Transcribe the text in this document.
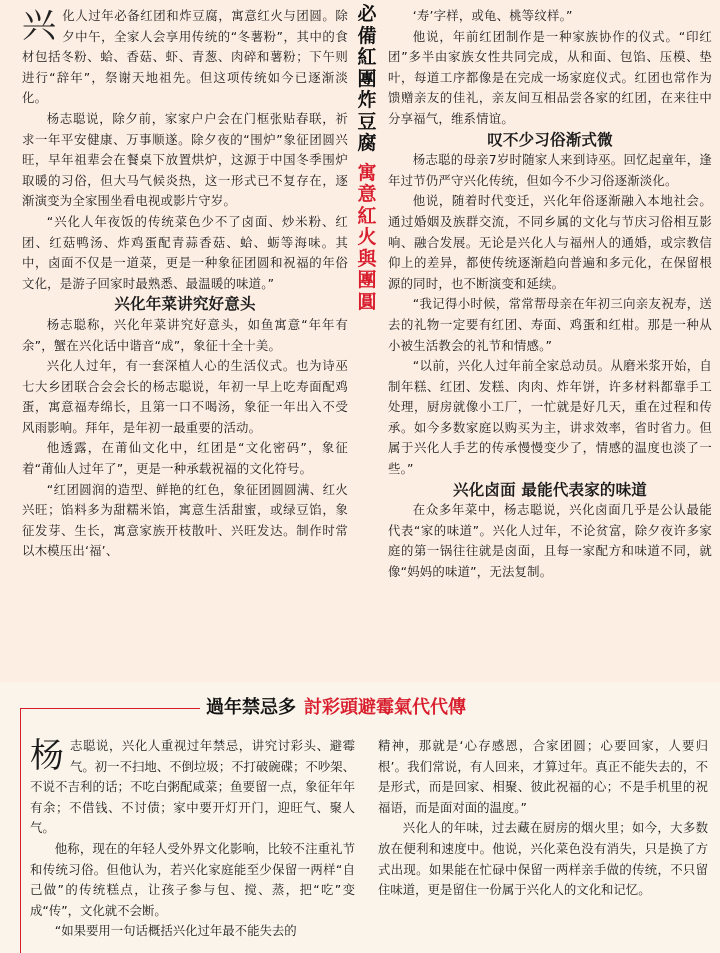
兴化人过年必备红团和炸豆腐，寓意红火与团圆。除夕中午，全家人会享用传统的“冬薯粉”，其中的食材包括冬粉、蛤、香菇、虾、青葱、肉碎和薯粉；下午则进行“辞年”，祭谢天地祖先。但这项传统如今已逐渐淡化。

杨志聪说，除夕前，家家户户会在门框张贴春联，祈求一年平安健康、万事顺遂。除夕夜的“围炉”象征团圆兴旺，早年祖辈会在餐桌下放置烘炉，这源于中国冬季围炉取暖的习俗，但大马气候炎热，这一形式已不复存在，逐渐演变为全家围坐看电视或影片守岁。

“兴化人年夜饭的传统菜色少不了卤面、炒米粉、红团、红菇鸭汤、炸鸡蛋配青蒜香菇、蛤、蛎等海味。其中，卤面不仅是一道菜，更是一种象征团圆和祝福的年俗文化，是游子回家时最熟悉、最温暖的味道。”

兴化年菜讲究好意头

杨志聪称，兴化年菜讲究好意头，如鱼寓意“年年有余”，蟹在兴化话中谐音“成”，象征十全十美。

兴化人过年，有一套深植人心的生活仪式。也为诗巫七大乡团联合会会长的杨志聪说，年初一早上吃寿面配鸡蛋，寓意福寿绵长，且第一口不喝汤，象征一年出入不受风雨影响。拜年，是年初一最重要的活动。

他透露，在莆仙文化中，红团是“文化密码”，象征着“莆仙人过年了”，更是一种承载祝福的文化符号。

“红团圆润的造型、鲜艳的红色，象征团圆圆满、红火兴旺；馅料多为甜糯米馅，寓意生活甜蜜，或绿豆馅，象征发芽、生长，寓意家族开枝散叶、兴旺发达。制作时常以木模压出‘福’、

必
備
紅
團
炸
豆
腐
寓
意
紅
火
與
團
圓

‘寿’字样，或龟、桃等纹样。”

他说，年前红团制作是一种家族协作的仪式。“印红团”多半由家族女性共同完成，从和面、包馅、压模、垫叶，每道工序都像是在完成一场家庭仪式。红团也常作为馈赠亲友的佳礼，亲友间互相品尝各家的红团，在来往中分享福气，维系情谊。

叹不少习俗渐式微

杨志聪的母亲7岁时随家人来到诗巫。回忆起童年，逢年过节仍严守兴化传统，但如今不少习俗逐渐淡化。

他说，随着时代变迁，兴化年俗逐渐融入本地社会。通过婚姻及族群交流，不同乡属的文化与节庆习俗相互影响、融合发展。无论是兴化人与福州人的通婚，或宗教信仰上的差异，都使传统逐渐趋向普遍和多元化，在保留根源的同时，也不断演变和延续。

“我记得小时候，常常帮母亲在年初三向亲友祝寿，送去的礼物一定要有红团、寿面、鸡蛋和红柑。那是一种从小被生活教会的礼节和情感。”

“以前，兴化人过年前全家总动员。从磨米浆开始，自制年糕、红团、发糕、肉肉、炸年饼，许多材料都靠手工处理，厨房就像小工厂，一忙就是好几天，重在过程和传承。如今多数家庭以购买为主，讲求效率，省时省力。但属于兴化人手艺的传承慢慢变少了，情感的温度也淡了一些。”

兴化卤面 最能代表家的味道

在众多年菜中，杨志聪说，兴化卤面几乎是公认最能代表“家的味道”。兴化人过年，不论贫富，除夕夜许多家庭的第一锅往往就是卤面，且每一家配方和味道不同，就像“妈妈的味道”，无法复制。

過年禁忌多 討彩頭避霉氣代代傳

杨志聪说，兴化人重视过年禁忌，讲究讨彩头、避霉气。初一不扫地、不倒垃圾；不打破碗碟；不吵架、不说不吉利的话；不吃白粥配咸菜；鱼要留一点，象征年年有余；不借钱、不讨债；家中要开灯开门，迎旺气、聚人气。

他称，现在的年轻人受外界文化影响，比较不注重礼节和传统习俗。但他认为，若兴化家庭能至少保留一两样“自己做”的传统糕点，让孩子参与包、搅、蒸，把“吃”变成“传”，文化就不会断。

“如果要用一句话概括兴化过年最不能失去的

精神，那就是‘心存感恩，合家团圆；心要回家，人要归根’。我们常说，有人回来，才算过年。真正不能失去的，不是形式，而是回家、相聚、彼此祝福的心；不是手机里的祝福语，而是面对面的温度。”

兴化人的年味，过去藏在厨房的烟火里；如今，大多数放在便利和速度中。他说，兴化菜色没有消失，只是换了方式出现。如果能在忙碌中保留一两样亲手做的传统，不只留住味道，更是留住一份属于兴化人的文化和记忆。
